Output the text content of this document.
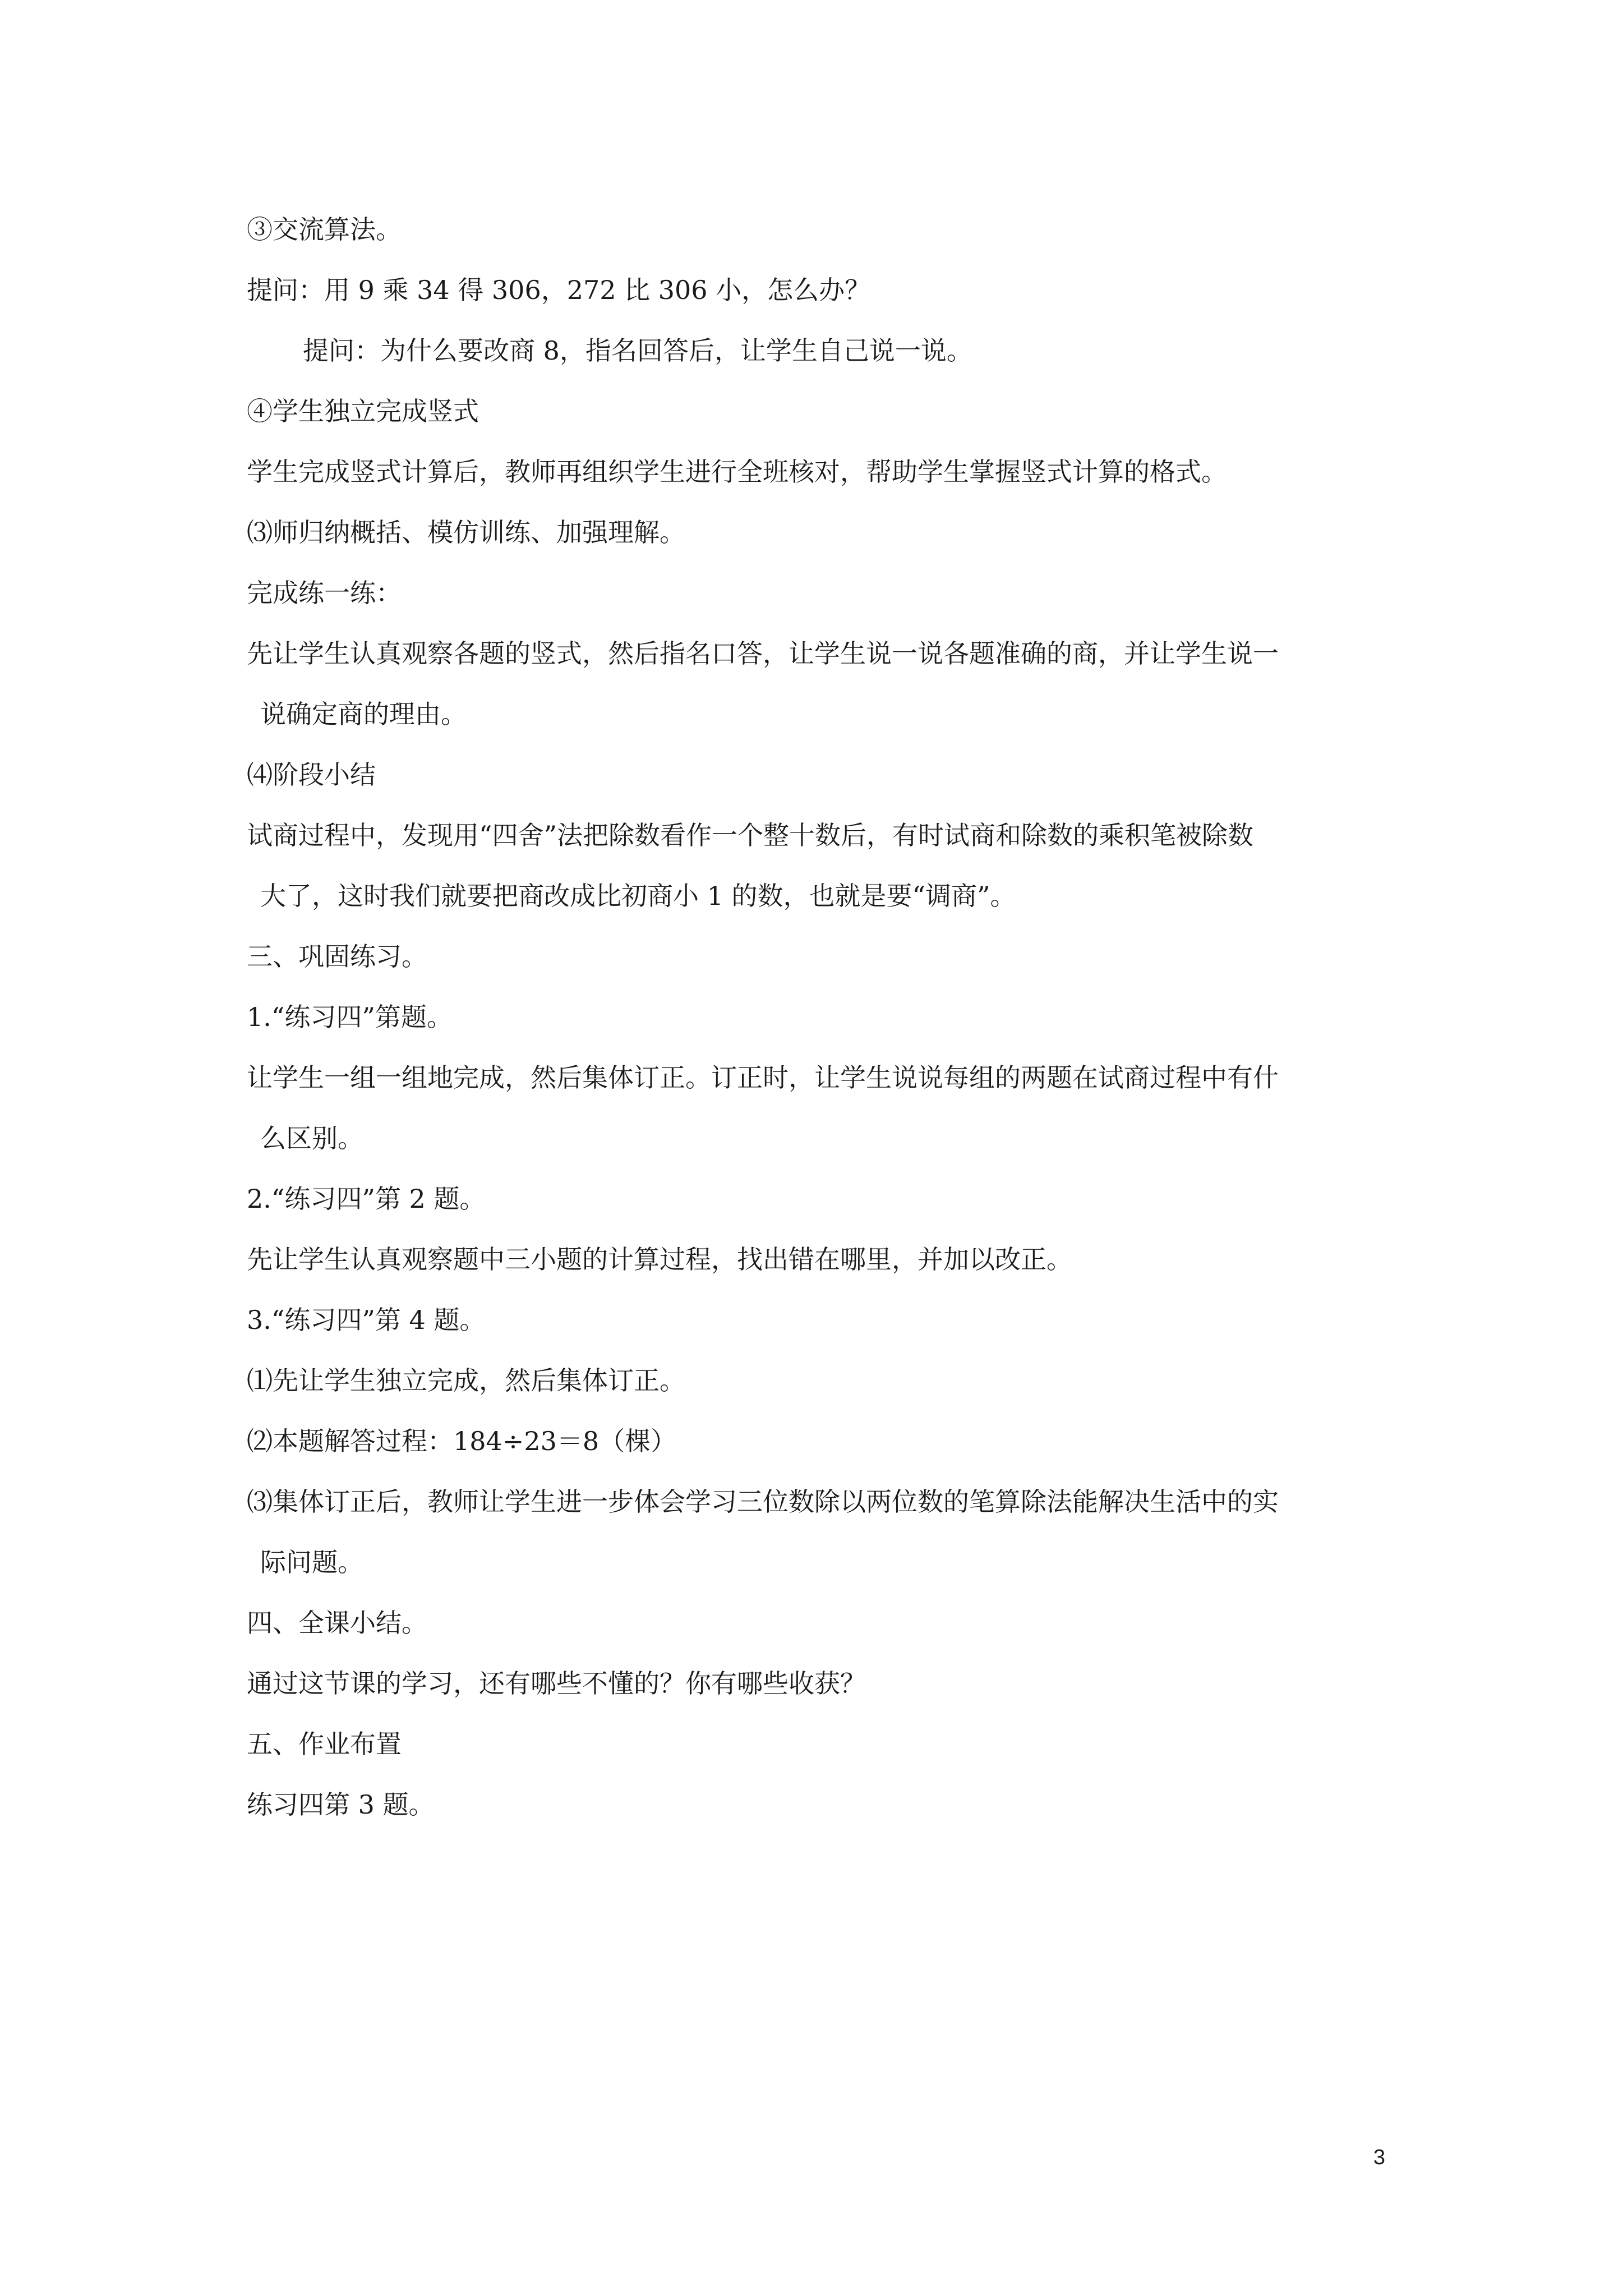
③交流算法。
提问：用 9 乘 34 得 306，272 比 306 小，怎么办？
提问：为什么要改商 8，指名回答后，让学生自己说一说。
④学生独立完成竖式
学生完成竖式计算后，教师再组织学生进行全班核对，帮助学生掌握竖式计算的格式。
⑶师归纳概括、模仿训练、加强理解。
完成练一练：
先让学生认真观察各题的竖式，然后指名口答，让学生说一说各题准确的商，并让学生说一
说确定商的理由。
⑷阶段小结
试商过程中，发现用“四舍”法把除数看作一个整十数后，有时试商和除数的乘积笔被除数
大了，这时我们就要把商改成比初商小 1 的数，也就是要“调商”。
三、巩固练习。
1.“练习四”第题。
让学生一组一组地完成，然后集体订正。订正时，让学生说说每组的两题在试商过程中有什
么区别。
2.“练习四”第 2 题。
先让学生认真观察题中三小题的计算过程，找出错在哪里，并加以改正。
3.“练习四”第 4 题。
⑴先让学生独立完成，然后集体订正。
⑵本题解答过程：184÷23＝8（棵）
⑶集体订正后，教师让学生进一步体会学习三位数除以两位数的笔算除法能解决生活中的实
际问题。
四、全课小结。
通过这节课的学习，还有哪些不懂的？你有哪些收获？
五、作业布置
练习四第 3 题。
3
